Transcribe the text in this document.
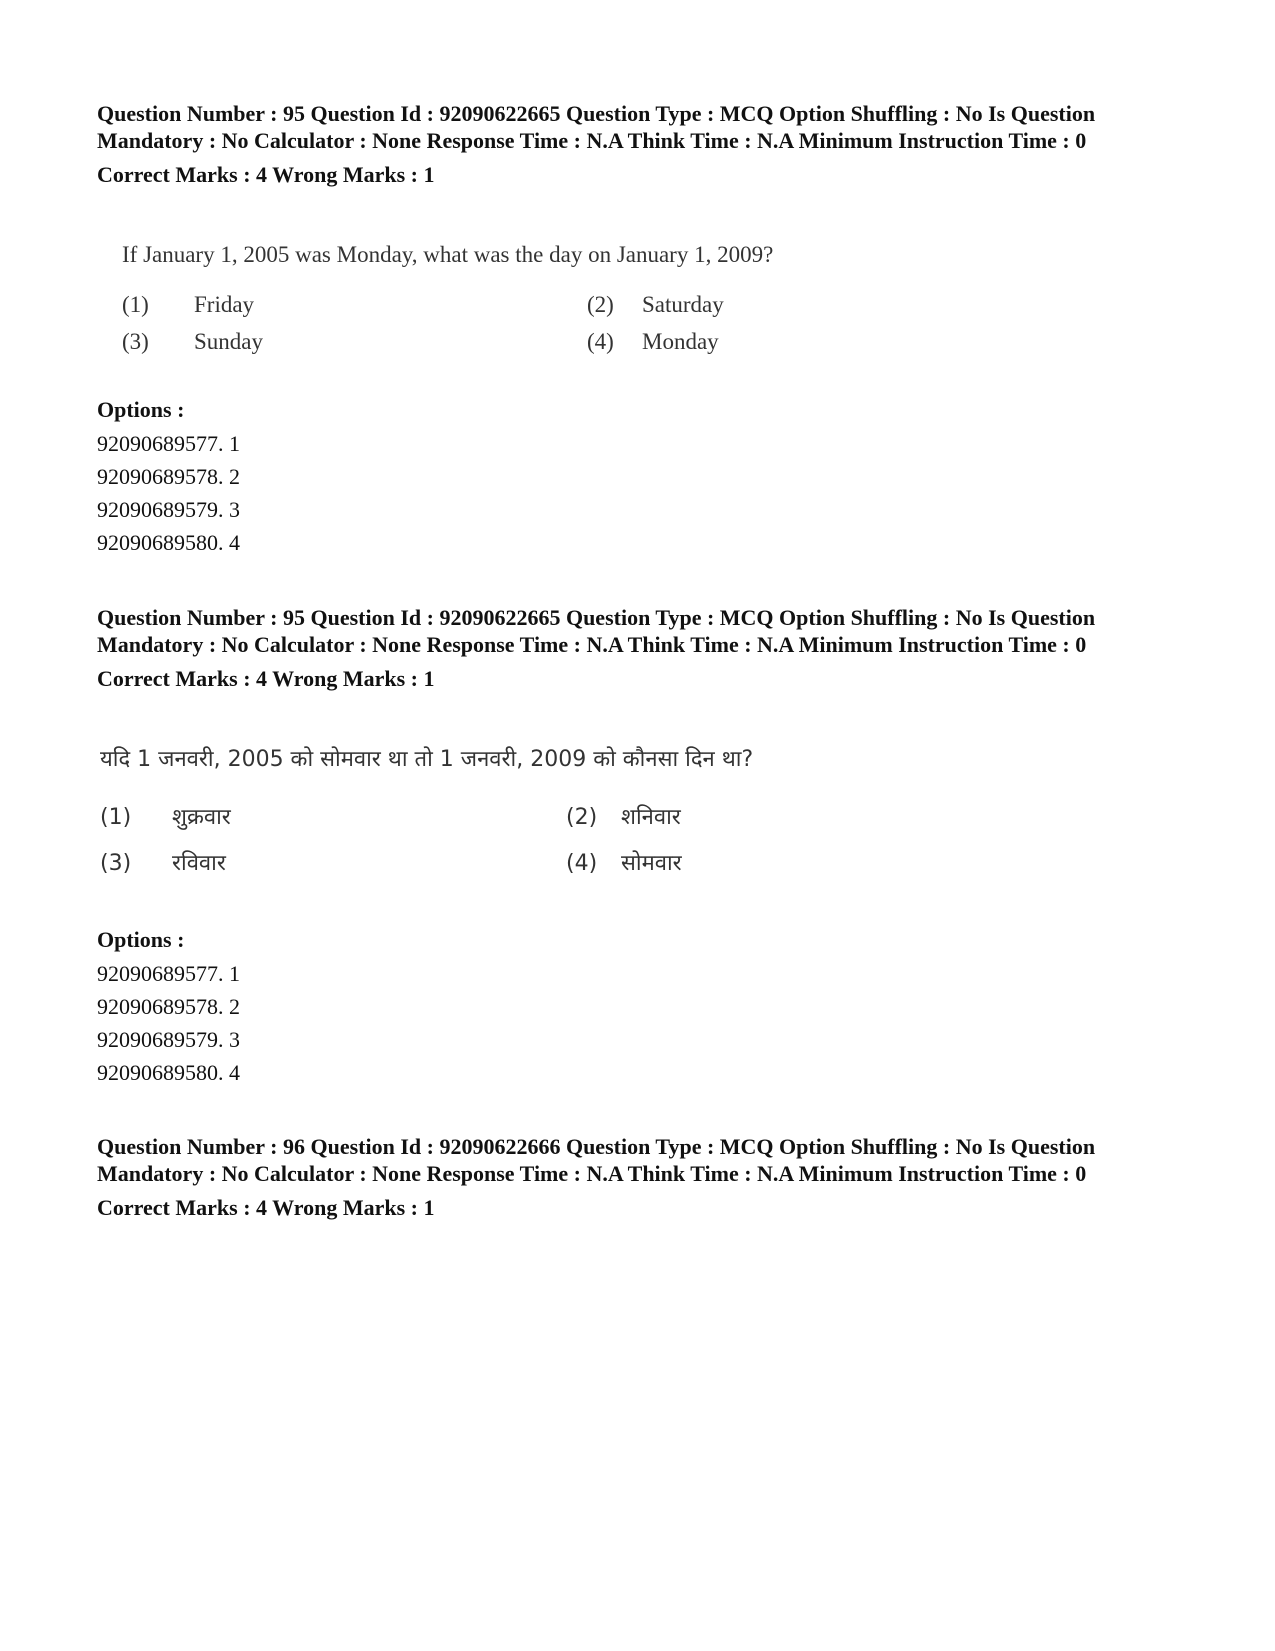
Question Number : 95 Question Id : 92090622665 Question Type : MCQ Option Shuffling : No Is Question Mandatory : No Calculator : None Response Time : N.A Think Time : N.A Minimum Instruction Time : 0

Correct Marks : 4 Wrong Marks : 1

If January 1, 2005 was Monday, what was the day on January 1, 2009?
(1) Friday	(2) Saturday
(3) Sunday	(4) Monday

Options :

92090689577. 1

92090689578. 2

92090689579. 3

92090689580. 4

Question Number : 95 Question Id : 92090622665 Question Type : MCQ Option Shuffling : No Is Question Mandatory : No Calculator : None Response Time : N.A Think Time : N.A Minimum Instruction Time : 0

Correct Marks : 4 Wrong Marks : 1

यदि 1 जनवरी, 2005 को सोमवार था तो 1 जनवरी, 2009 को कौनसा दिन था?
(1) शुक्रवार	(2) शनिवार
(3) रविवार	(4) सोमवार

Options :

92090689577. 1

92090689578. 2

92090689579. 3

92090689580. 4

Question Number : 96 Question Id : 92090622666 Question Type : MCQ Option Shuffling : No Is Question Mandatory : No Calculator : None Response Time : N.A Think Time : N.A Minimum Instruction Time : 0

Correct Marks : 4 Wrong Marks : 1
